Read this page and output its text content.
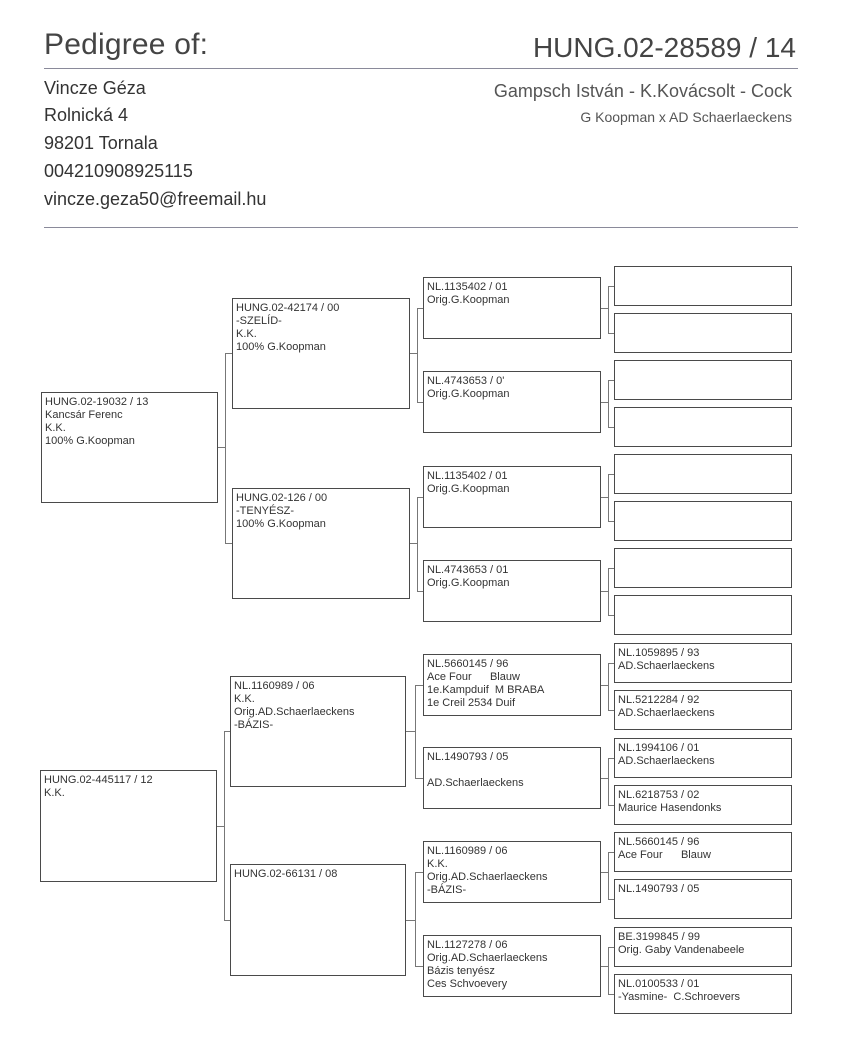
Pedigree of:	HUNG.02-28589 / 14
Vincze Géza
Rolnická 4
98201 Tornala
004210908925115
vincze.geza50@freemail.hu
Gampsch István - K.Kovácsolt - Cock
G Koopman x AD Schaerlaeckens
HUNG.02-19032 / 13
Kancsár Ferenc
K.K.
100% G.Koopman
HUNG.02-445117 / 12
K.K.
HUNG.02-42174 / 00
-SZELÍD-
K.K.
100% G.Koopman
HUNG.02-126 / 00
-TENYÉSZ-
100% G.Koopman
NL.1160989 / 06
K.K.
Orig.AD.Schaerlaeckens
-BÁZIS-
HUNG.02-66131 / 08
NL.1135402 / 01
Orig.G.Koopman
NL.4743653 / 0'
Orig.G.Koopman
NL.1135402 / 01
Orig.G.Koopman
NL.4743653 / 01
Orig.G.Koopman
NL.5660145 / 96
Ace Four      Blauw
1e.Kampduif  M BRABA
1e Creil 2534 Duif
NL.1490793 / 05

AD.Schaerlaeckens
NL.1160989 / 06
K.K.
Orig.AD.Schaerlaeckens
-BÁZIS-
NL.1127278 / 06
Orig.AD.Schaerlaeckens
Bázis tenyész
Ces Schvoevery
NL.1059895 / 93
AD.Schaerlaeckens
NL.5212284 / 92
AD.Schaerlaeckens
NL.1994106 / 01
AD.Schaerlaeckens
NL.6218753 / 02
Maurice Hasendonks
NL.5660145 / 96
Ace Four      Blauw
NL.1490793 / 05
BE.3199845 / 99
Orig. Gaby Vandenabeele
NL.0100533 / 01
-Yasmine-  C.Schroevers
